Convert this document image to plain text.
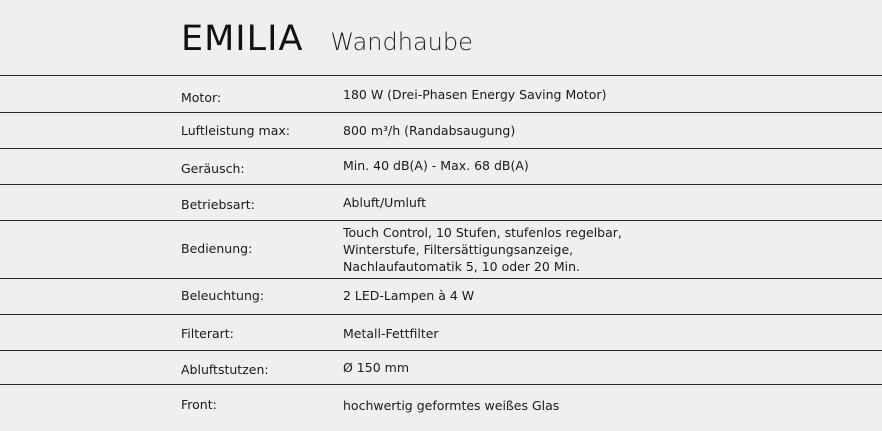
EMILIA Wandhaube
Motor:	180 W (Drei-Phasen Energy Saving Motor)
Luftleistung max:	800 m³/h (Randabsaugung)
Geräusch:	Min. 40 dB(A) - Max. 68 dB(A)
Betriebsart:	Abluft/Umluft
Bedienung:
Touch Control, 10 Stufen, stufenlos regelbar,
Winterstufe, Filtersättigungsanzeige,
Nachlaufautomatik 5, 10 oder 20 Min.
Beleuchtung:	2 LED-Lampen à 4 W
Filterart:	Metall-Fettfilter
Abluftstutzen:	Ø 150 mm
Front:	hochwertig geformtes weißes Glas
